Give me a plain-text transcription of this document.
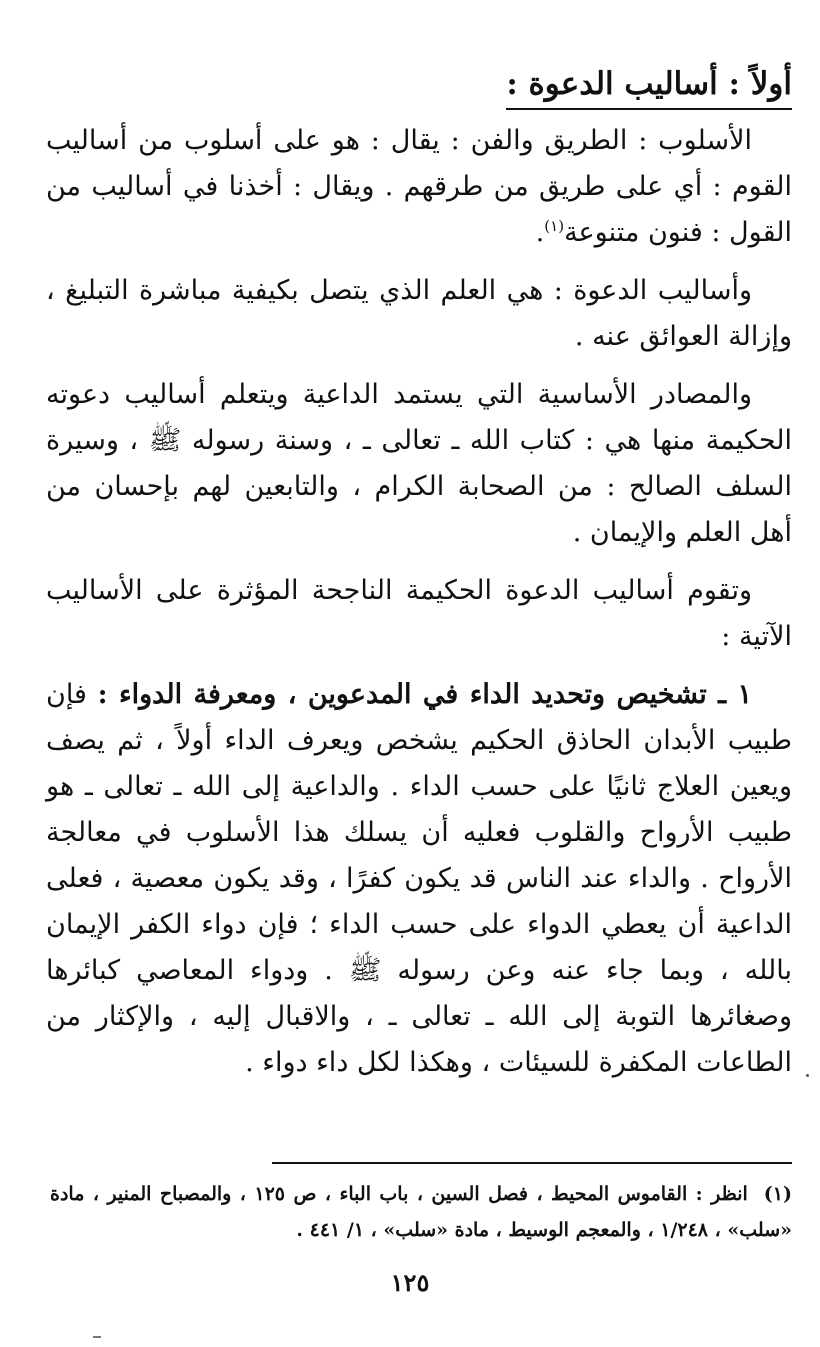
أولاً : أساليب الدعوة :

الأسلوب : الطريق والفن : يقال : هو على أسلوب من أساليب القوم : أي على طريق من طرقهم . ويقال : أخذنا في أساليب من القول : فنون متنوعة$^{(١)}$.

وأساليب الدعوة : هي العلم الذي يتصل بكيفية مباشرة التبليغ ، وإزالة العوائق عنه .

والمصادر الأساسية التي يستمد الداعية ويتعلم أساليب دعوته الحكيمة منها هي : كتاب الله ـ تعالى ـ ، وسنة رسوله ﷺ ، وسيرة السلف الصالح : من الصحابة الكرام ، والتابعين لهم بإحسان من أهل العلم والإيمان .

وتقوم أساليب الدعوة الحكيمة الناجحة المؤثرة على الأساليب الآتية :

١ ـ تشخيص وتحديد الداء في المدعوين ، ومعرفة الدواء : فإن طبيب الأبدان الحاذق الحكيم يشخص ويعرف الداء أولاً ، ثم يصف ويعين العلاج ثانيًا على حسب الداء . والداعية إلى الله ـ تعالى ـ هو طبيب الأرواح والقلوب فعليه أن يسلك هذا الأسلوب في معالجة الأرواح . والداء عند الناس قد يكون كفرًا ، وقد يكون معصية ، فعلى الداعية أن يعطي الدواء على حسب الداء ؛ فإن دواء الكفر الإيمان بالله ، وبما جاء عنه وعن رسوله ﷺ . ودواء المعاصي كبائرها وصغائرها التوبة إلى الله ـ تعالى ـ ، والاقبال إليه ، والإكثار من الطاعات المكفرة للسيئات ، وهكذا لكل داء دواء .

(١)انظر : القاموس المحيط ، فصل السين ، باب الباء ، ص ١٢٥ ، والمصباح المنير ، مادة «سلب» ، ١/٢٤٨ ، والمعجم الوسيط ، مادة «سلب» ، ١/ ٤٤١ .
١٢٥
